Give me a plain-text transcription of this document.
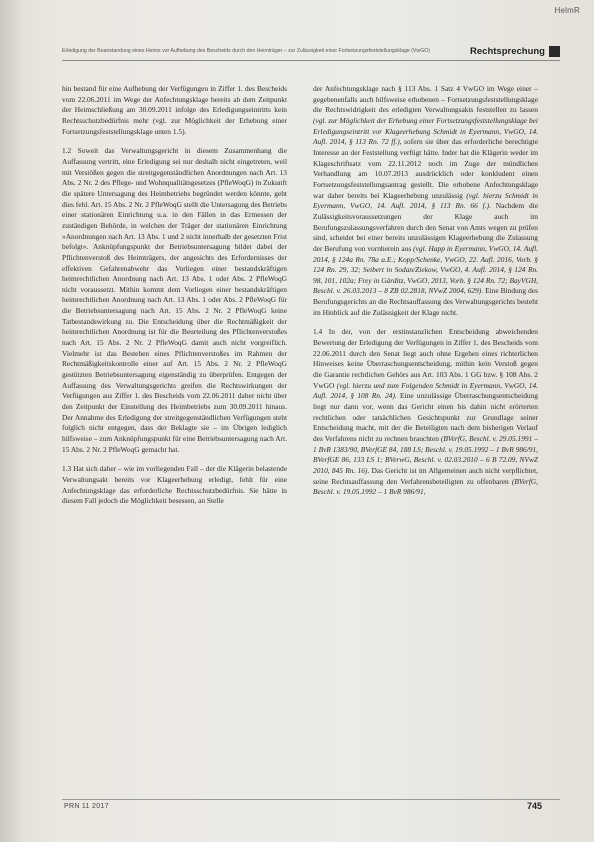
HelmR
Erledigung der Beanstandung eines Heims vor Aufhebung des Bescheids durch den Heimträger – zur Zulässigkeit einer Fortsetzungsfeststellungsklage (VwGO)	Rechtsprechung

hin bestand für eine Aufhebung der Verfügungen in Ziffer 1. des Bescheids vom 22.06.2011 im Wege der Anfechtungsklage bereits ab dem Zeitpunkt der Heimschließung am 30.09.2011 infolge des Erledigungseintritts kein Rechtsschutzbedürfnis mehr (vgl. zur Möglichkeit der Erhebung einer Fortsetzungsfeststellungsklage unten 1.5).

1.2 Soweit das Verwaltungsgericht in diesem Zusammenhang die Auffassung vertritt, eine Erledigung sei nur deshalb nicht eingetreten, weil mit Verstößen gegen die streitgegenständlichen Anordnungen nach Art. 13 Abs. 2 Nr. 2 des Pflege- und Wohnqualitätsgesetzes (PfleWoqG) in Zukunft die spätere Untersagung des Heimbetriebs begründet werden könnte, geht dies fehl. Art. 15 Abs. 2 Nr. 2 PfleWoqG stellt die Untersagung des Betriebs einer stationären Einrichtung u.a. in den Fällen in das Ermessen der zuständigen Behörde, in welchen der Träger der stationären Einrichtung »Anordnungen nach Art. 13 Abs. 1 und 2 nicht innerhalb der gesetzten Frist befolgt«. Anknüpfungspunkt der Betriebsuntersagung bildet dabei der Pflichtenverstoß des Heimträgers, der angesichts des Erfordernisses der effektiven Gefahrenabwehr das Vorliegen einer bestandskräftigen heimrechtlichen Anordnung nach Art. 13 Abs. 1 oder Abs. 2 PfleWoqG nicht voraussetzt. Mithin kommt dem Vorliegen einer bestandskräftigen heimrechtlichen Anordnung nach Art. 13 Abs. 1 oder Abs. 2 PfleWoqG für die Betriebsuntersagung nach Art. 15 Abs. 2 Nr. 2 PfleWoqG keine Tatbestandswirkung zu. Die Entscheidung über die Rechtmäßigkeit der heimrechtlichen Anordnung ist für die Beurteilung des Pflichtenverstoßes nach Art. 15 Abs. 2 Nr. 2 PfleWoqG damit auch nicht vorgreiflich. Vielmehr ist das Bestehen eines Pflichtenverstoßes im Rahmen der Rechtmäßigkeitskontrolle einer auf Art. 15 Abs. 2 Nr. 2 PfleWoqG gestützten Betriebsuntersagung eigenständig zu überprüfen. Entgegen der Auffassung des Verwaltungsgerichts greifen die Rechtswirkungen der Verfügungen aus Ziffer 1. des Bescheids vom 22.06.2011 daher nicht über den Zeitpunkt der Einstellung des Heimbetriebs zum 30.09.2011 hinaus. Der Annahme des Erledigung der streitgegenständlichen Verfügungen steht folglich nicht entgegen, dass der Beklagte sie – im Übrigen lediglich hilfsweise – zum Anknüpfungspunkt für eine Betriebsuntersagung nach Art. 15 Abs. 2 Nr. 2 PfleWoqG gemacht hat.

1.3 Hat sich daher – wie im vorliegenden Fall – der die Klägerin belastende Verwaltungsakt bereits vor Klageerhebung erledigt, fehlt für eine Anfechtungsklage das erforderliche Rechtsschutzbedürfnis. Sie hätte in diesem Fall jedoch die Möglichkeit besessen, an Stelle

der Anfechtungsklage nach § 113 Abs. 1 Satz 4 VwGO im Wege einer – gegebenenfalls auch hilfsweise erhobenen – Fortsetzungsfeststellungsklage die Rechtswidrigkeit des erledigten Verwaltungsakts feststellen zu lassen (vgl. zur Möglichkeit der Erhebung einer Fortsetzungsfeststellungsklage bei Erledigungseintritt vor Klageerhebung Schmidt in Eyermann, VwGO, 14. Aufl. 2014, § 113 Rn. 72 ff.), sofern sie über das erforderliche berechtigte Interesse an der Feststellung verfügt hätte. Inder hat die Klägerin weder im Klageschriftsatz vom 22.11.2012 noch im Zuge der mündlichen Verhandlung am 10.07.2013 ausdrücklich oder konkludent einen Fortsetzungsfeststellungsantrag gestellt. Die erhobene Anfechtungsklage war daher bereits bei Klageerhebung unzulässig (vgl. hierzu Schmidt in Eyermann, VwGO, 14. Aufl. 2014, § 113 Rn. 66 f.). Nachdem die Zulässigkeitsvoraussetzungen der Klage auch im Berufungszulassungsverfahren durch den Senat von Amts wegen zu prüfen sind, scheidet bei einer bereits unzulässigen Klageerhebung die Zulassung der Berufung von vornherein aus (vgl. Happ in Eyermann, VwGO, 14. Aufl. 2014, § 124a Rn. 78a a.E.; Kopp/Schenke, VwGO, 22. Aufl. 2016, Vorb. § 124 Rn. 29, 32; Seibert in Sodan/Ziekow, VwGO, 4. Aufl. 2014, § 124 Rn. 98, 101, 102a; Frey in Gärditz, VwGO, 2013, Vorb. § 124 Rn. 72; BayVGH, Beschl. v. 26.03.2013 – 8 ZB 02.2818, NVwZ 2004, 629). Eine Bindung des Berufungsgerichts an die Rechtsauffassung des Verwaltungsgerichts besteht im Hinblick auf die Zulässigkeit der Klage nicht.

1.4 In der, von der erstinstanzlichen Entscheidung abweichenden Bewertung der Erledigung der Verfügungen in Ziffer 1. des Bescheids vom 22.06.2011 durch den Senat liegt auch ohne Ergehen eines richterlichen Hinweises keine Überraschungsentscheidung, mithin kein Verstoß gegen die Garantie rechtlichen Gehörs aus Art. 103 Abs. 1 GG bzw. § 108 Abs. 2 VwGO (vgl. hierzu und zum Folgenden Schmidt in Eyermann, VwGO, 14. Aufl. 2014, § 108 Rn. 24). Eine unzulässige Überraschungsentscheidung liegt nur dann vor, wenn das Gericht einen bis dahin nicht erörterten rechtlichen oder tatsächlichen Gesichtspunkt zur Grundlage seiner Entscheidung macht, mit der die Beteiligten nach dem bisherigen Verlauf des Verfahrens nicht zu rechnen brauchten (BVerfG, Beschl. v. 29.05.1991 – 1 BvR 1383/90, BVerfGE 84, 188 LS; Beschl. v. 19.05.1992 – 1 BvR 986/91, BVerfGE 86, 133 LS 1; BVerwG, Beschl. v. 02.03.2010 – 6 B 72.09, NVwZ 2010, 845 Rn. 16). Das Gericht ist im Allgemeinen auch nicht verpflichtet, seine Rechtsauffassung den Verfahrensbeteiligten zu offenbaren (BVerfG, Beschl. v. 19.05.1992 – 1 BvR 986/91,

PRN 11 2017	745
